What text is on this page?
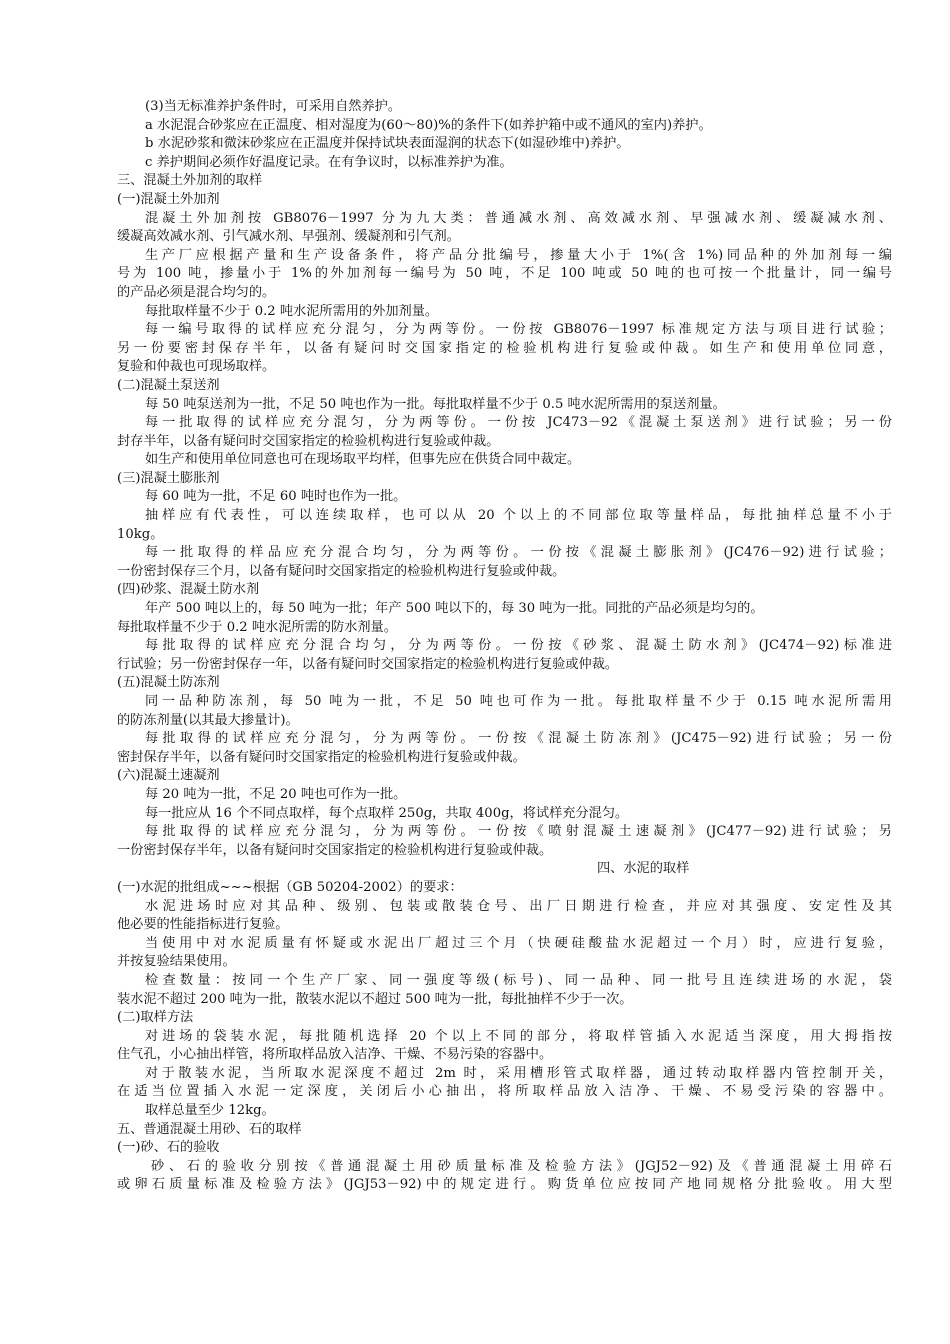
(3)当无标准养护条件时，可采用自然养护。
a 水泥混合砂浆应在正温度、相对湿度为(60～80)%的条件下(如养护箱中或不通风的室内)养护。
b 水泥砂浆和微沫砂浆应在正温度并保持试块表面湿润的状态下(如湿砂堆中)养护。
c 养护期间必须作好温度记录。在有争议时，以标准养护为准。
三、混凝土外加剂的取样
(一)混凝土外加剂
混凝土外加剂按 GB8076－1997 分为九大类：普通减水剂、高效减水剂、早强减水剂、缓凝减水剂、
缓凝高效减水剂、引气减水剂、早强剂、缓凝剂和引气剂。
生产厂应根据产量和生产设备条件，将产品分批编号，掺量大小于 1%(含 1%)同品种的外加剂每一编
号为 100 吨，掺量小于 1%的外加剂每一编号为 50 吨，不足 100 吨或 50 吨的也可按一个批量计，同一编号
的产品必须是混合均匀的。
每批取样量不少于 0.2 吨水泥所需用的外加剂量。
每一编号取得的试样应充分混匀，分为两等份。一份按 GB8076－1997 标准规定方法与项目进行试验；
另一份要密封保存半年，以备有疑问时交国家指定的检验机构进行复验或仲裁。如生产和使用单位同意，
复验和仲裁也可现场取样。
(二)混凝土泵送剂
每 50 吨泵送剂为一批，不足 50 吨也作为一批。每批取样量不少于 0.5 吨水泥所需用的泵送剂量。
每一批取得的试样应充分混匀，分为两等份。一份按 JC473－92《混凝土泵送剂》进行试验；另一份
封存半年，以备有疑问时交国家指定的检验机构进行复验或仲裁。
如生产和使用单位同意也可在现场取平均样，但事先应在供货合同中裁定。
(三)混凝土膨胀剂
每 60 吨为一批，不足 60 吨时也作为一批。
抽样应有代表性，可以连续取样，也可以从 20 个以上的不同部位取等量样品，每批抽样总量不小于
10kg。
每一批取得的样品应充分混合均匀，分为两等份。一份按《混凝土膨胀剂》(JC476－92)进行试验；
一份密封保存三个月，以备有疑问时交国家指定的检验机构进行复验或仲裁。
(四)砂浆、混凝土防水剂
年产 500 吨以上的，每 50 吨为一批；年产 500 吨以下的，每 30 吨为一批。同批的产品必须是均匀的。
每批取样量不少于 0.2 吨水泥所需的防水剂量。
每批取得的试样应充分混合均匀，分为两等份。一份按《砂浆、混凝土防水剂》(JC474－92)标准进
行试验；另一份密封保存一年，以备有疑问时交国家指定的检验机构进行复验或仲裁。
(五)混凝土防冻剂
同一品种防冻剂，每 50 吨为一批，不足 50 吨也可作为一批。每批取样量不少于 0.15 吨水泥所需用
的防冻剂量(以其最大掺量计)。
每批取得的试样应充分混匀，分为两等份。一份按《混凝土防冻剂》(JC475－92)进行试验；另一份
密封保存半年，以备有疑问时交国家指定的检验机构进行复验或仲裁。
(六)混凝土速凝剂
每 20 吨为一批，不足 20 吨也可作为一批。
每一批应从 16 个不同点取样，每个点取样 250g，共取 400g，将试样充分混匀。
每批取得的试样应充分混匀，分为两等份。一份按《喷射混凝土速凝剂》(JC477－92)进行试验；另
一份密封保存半年，以备有疑问时交国家指定的检验机构进行复验或仲裁。
四、水泥的取样
(一)水泥的批组成~~~根据（GB 50204-2002）的要求：
水泥进场时应对其品种、级别、包装或散装仓号、出厂日期进行检查，并应对其强度、安定性及其
他必要的性能指标进行复验。
当使用中对水泥质量有怀疑或水泥出厂超过三个月（快硬硅酸盐水泥超过一个月）时，应进行复验，
并按复验结果使用。
检查数量：按同一个生产厂家、同一强度等级(标号)、同一品种、同一批号且连续进场的水泥，袋
装水泥不超过 200 吨为一批，散装水泥以不超过 500 吨为一批，每批抽样不少于一次。
(二)取样方法
对进场的袋装水泥，每批随机选择 20 个以上不同的部分，将取样管插入水泥适当深度，用大拇指按
住气孔，小心抽出样管，将所取样品放入洁净、干燥、不易污染的容器中。
对于散装水泥，当所取水泥深度不超过 2m 时，采用槽形管式取样器，通过转动取样器内管控制开关，
在适当位置插入水泥一定深度，关闭后小心抽出，将所取样品放入洁净、干燥、不易受污染的容器中。
取样总量至少 12kg。
五、普通混凝土用砂、石的取样
(一)砂、石的验收
砂、石的验收分别按《普通混凝土用砂质量标准及检验方法》(JGJ52－92)及《普通混凝土用碎石
或卵石质量标准及检验方法》(JGJ53－92)中的规定进行。购货单位应按同产地同规格分批验收。用大型
